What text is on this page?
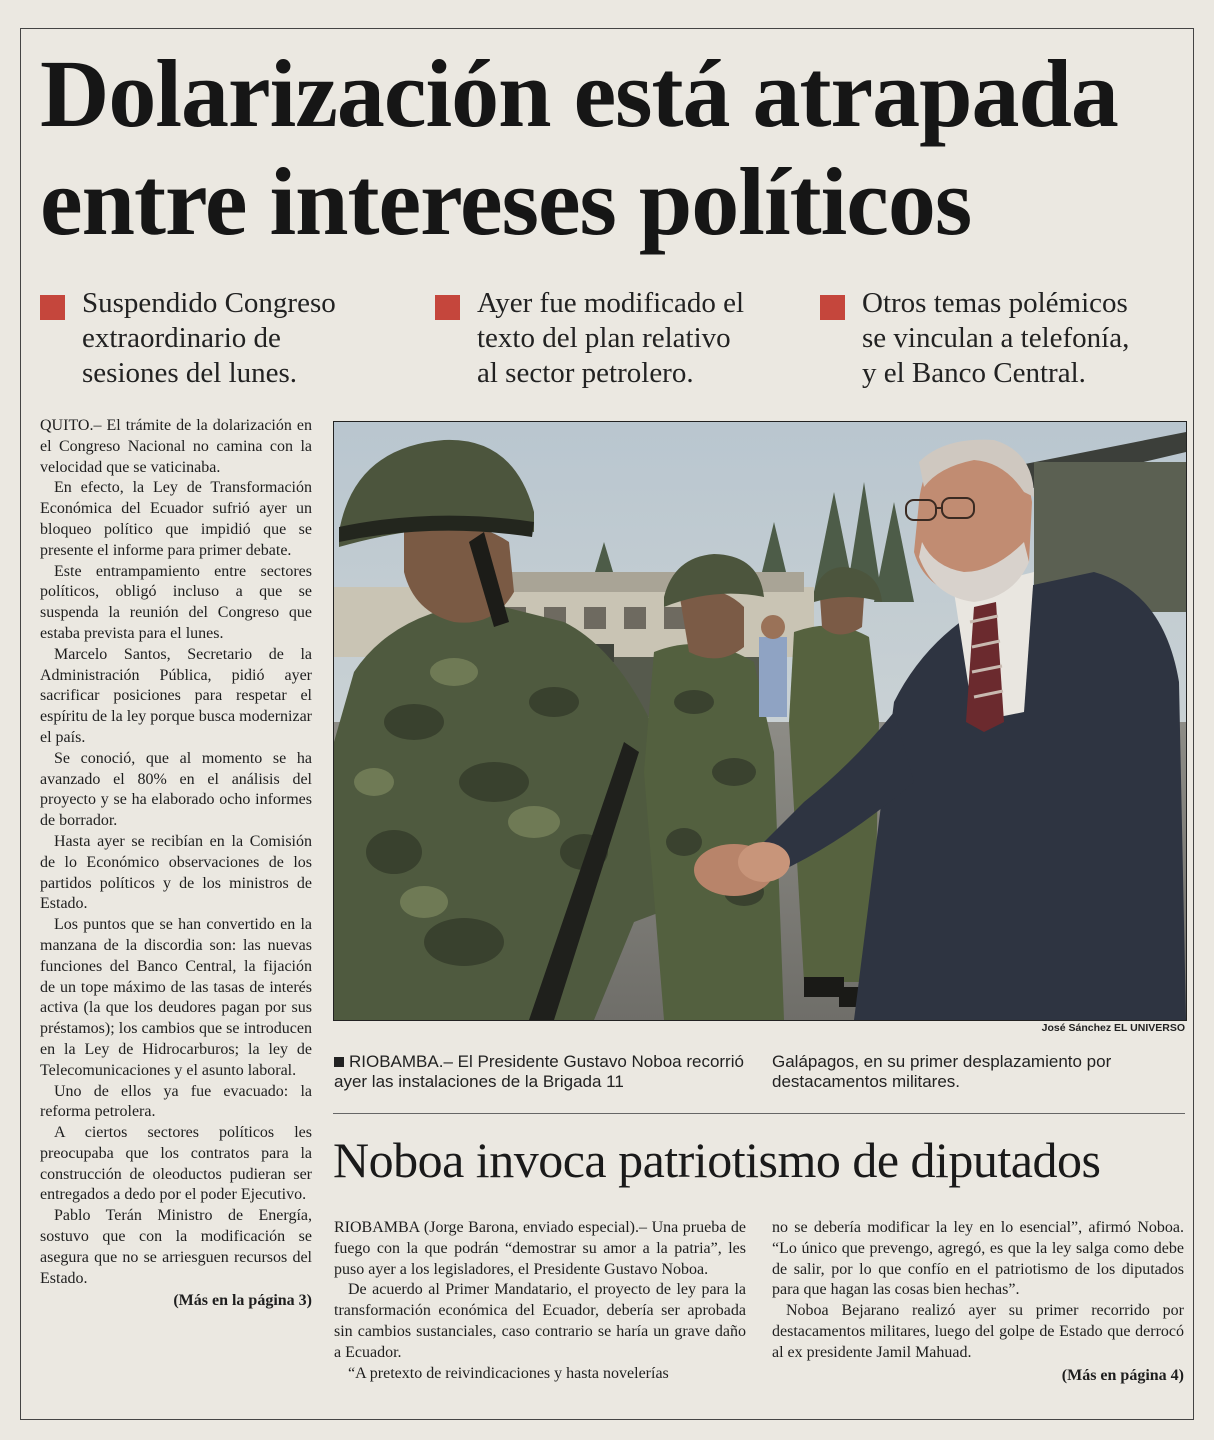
Dolarización está atrapada
entre intereses políticos
Suspendido Congreso
extraordinario de
sesiones del lunes.
Ayer fue modificado el
texto del plan relativo
al sector petrolero.
Otros temas polémicos
se vinculan a telefonía,
y el Banco Central.

QUITO.– El trámite de la dolarización en el Congreso Nacional no camina con la velocidad que se vaticinaba.

En efecto, la Ley de Transformación Económica del Ecuador sufrió ayer un bloqueo político que impidió que se presente el informe para primer debate.

Este entrampamiento entre sectores políticos, obligó incluso a que se suspenda la reunión del Congreso que estaba prevista para el lunes.

Marcelo Santos, Secretario de la Administración Pública, pidió ayer sacrificar posiciones para respetar el espíritu de la ley porque busca modernizar el país.

Se conoció, que al momento se ha avanzado el 80% en el análisis del proyecto y se ha elaborado ocho informes de borrador.

Hasta ayer se recibían en la Comisión de lo Económico observaciones de los partidos políticos y de los ministros de Estado.

Los puntos que se han convertido en la manzana de la discordia son: las nuevas funciones del Banco Central, la fijación de un tope máximo de las tasas de interés activa (la que los deudores pagan por sus préstamos); los cambios que se introducen en la Ley de Hidrocarburos; la ley de Telecomunicaciones y el asunto laboral.

Uno de ellos ya fue evacuado: la reforma petrolera.

A ciertos sectores políticos les preocupaba que los contratos para la construcción de oleoductos pudieran ser entregados a dedo por el poder Ejecutivo.

Pablo Terán Ministro de Energía, sostuvo que con la modificación se asegura que no se arriesguen recursos del Estado.

(Más en la página 3)
José Sánchez EL UNIVERSO
RIOBAMBA.– El Presidente Gustavo Noboa recorrió ayer las instalaciones de la Brigada 11
Galápagos, en su primer desplazamiento por destacamentos militares.
Noboa invoca patriotismo de diputados

RIOBAMBA (Jorge Barona, enviado especial).– Una prueba de fuego con la que podrán “demostrar su amor a la patria”, les puso ayer a los legisladores, el Presidente Gustavo Noboa.

De acuerdo al Primer Mandatario, el proyecto de ley para la transformación económica del Ecuador, debería ser aprobada sin cambios sustanciales, caso contrario se haría un grave daño a Ecuador.

“A pretexto de reivindicaciones y hasta novelerías

no se debería modificar la ley en lo esencial”, afirmó Noboa. “Lo único que prevengo, agregó, es que la ley salga como debe de salir, por lo que confío en el patriotismo de los diputados para que hagan las cosas bien hechas”.

Noboa Bejarano realizó ayer su primer recorrido por destacamentos militares, luego del golpe de Estado que derrocó al ex presidente Jamil Mahuad.

(Más en página 4)
